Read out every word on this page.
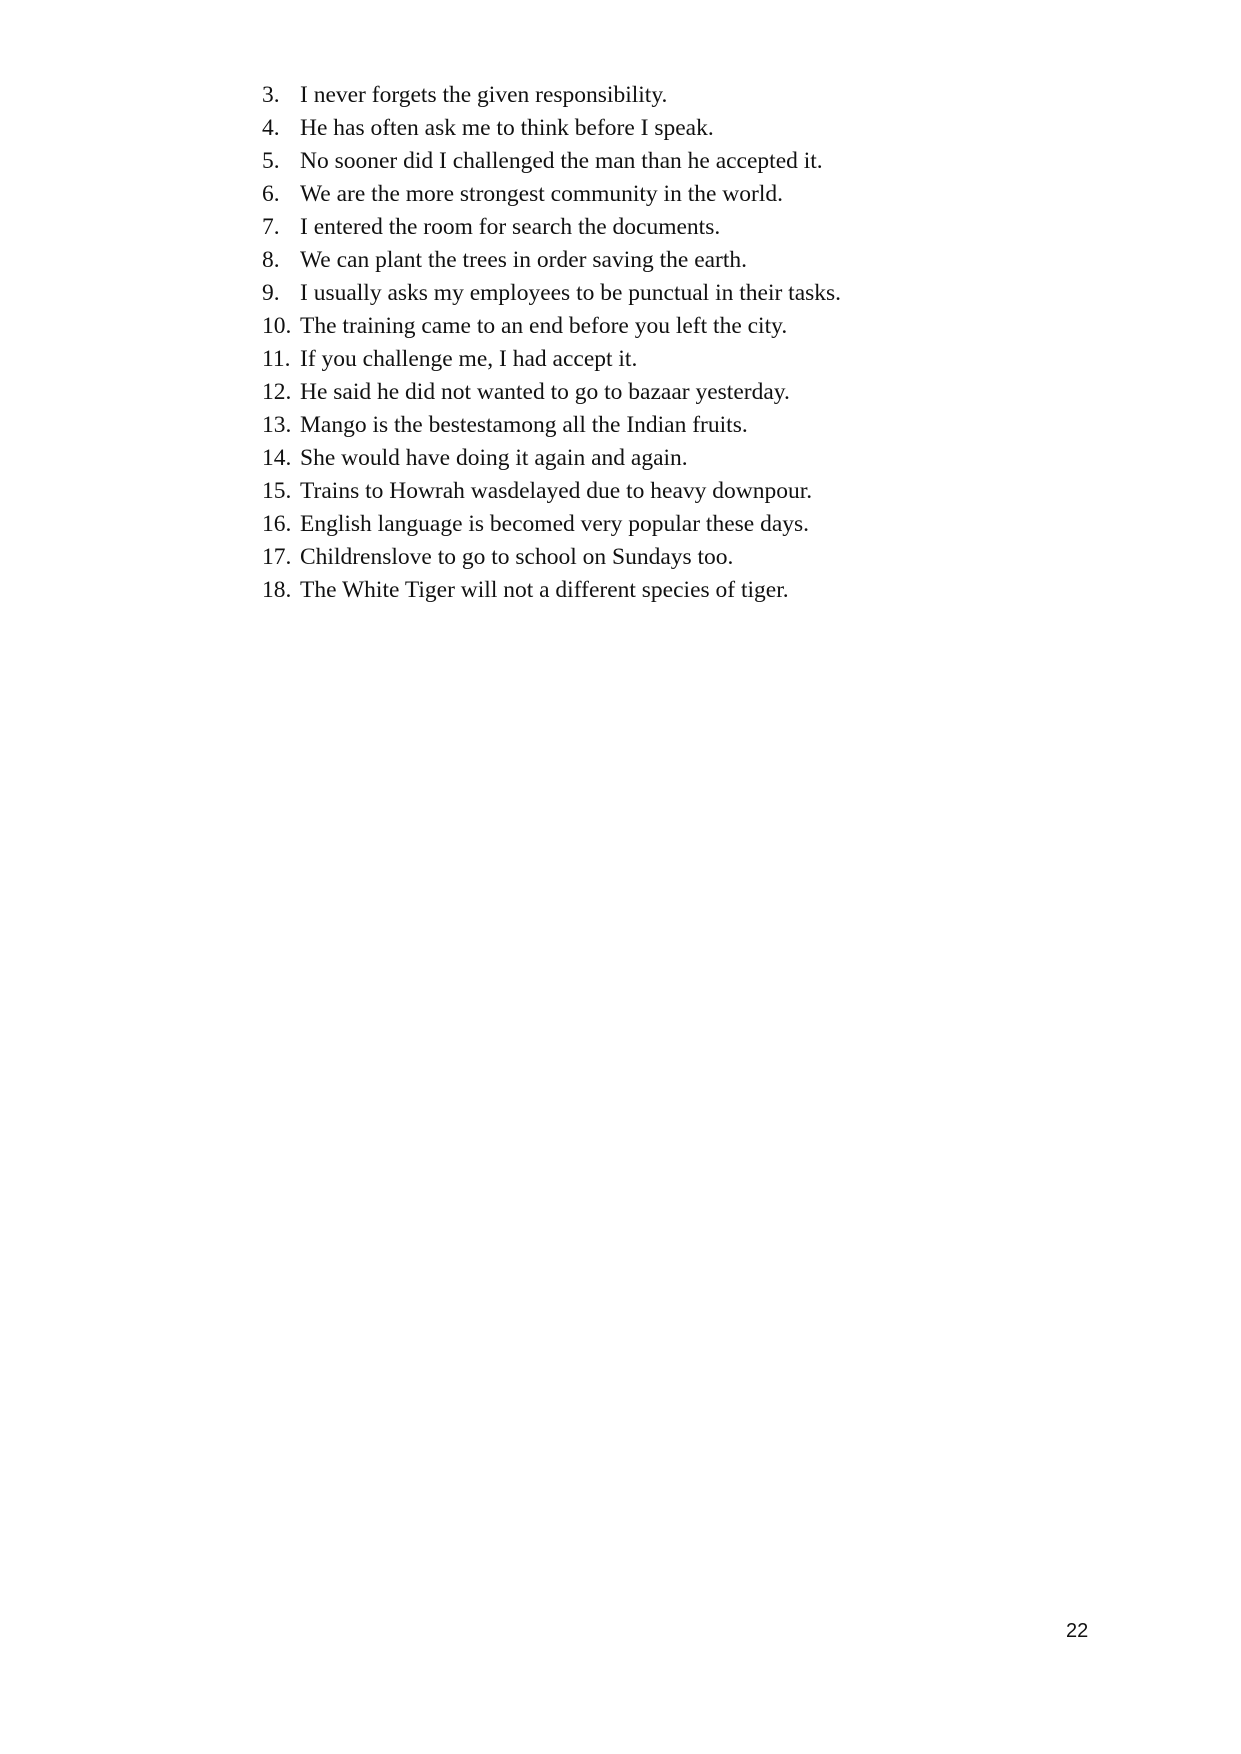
3. I never forgets the given responsibility.
4. He has often ask me to think before I speak.
5. No sooner did I challenged the man than he accepted it.
6. We are the more strongest community in the world.
7. I entered the room for search the documents.
8. We can plant the trees in order saving the earth.
9. I usually asks my employees to be punctual in their tasks.
10. The training came to an end before you left the city.
11. If you challenge me, I had accept it.
12. He said he did not wanted to go to bazaar yesterday.
13. Mango is the bestestamong all the Indian fruits.
14. She would have doing it again and again.
15. Trains to Howrah wasdelayed due to heavy downpour.
16. English language is becomed very popular these days.
17. Childrenslove to go to school on Sundays too.
18. The White Tiger will not a different species of tiger.
22
